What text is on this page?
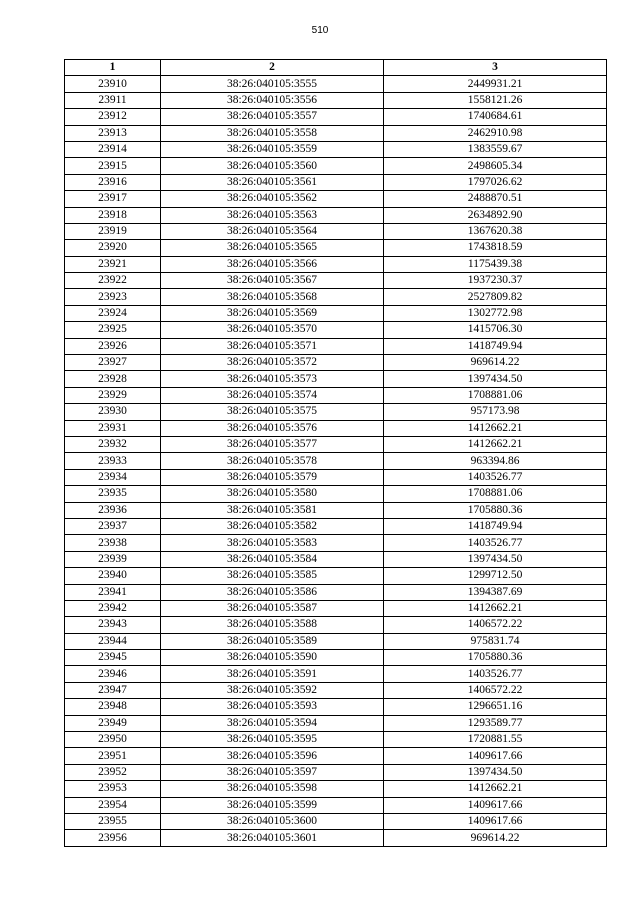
510
1	2	3
23910	38:26:040105:3555	2449931.21
23911	38:26:040105:3556	1558121.26
23912	38:26:040105:3557	1740684.61
23913	38:26:040105:3558	2462910.98
23914	38:26:040105:3559	1383559.67
23915	38:26:040105:3560	2498605.34
23916	38:26:040105:3561	1797026.62
23917	38:26:040105:3562	2488870.51
23918	38:26:040105:3563	2634892.90
23919	38:26:040105:3564	1367620.38
23920	38:26:040105:3565	1743818.59
23921	38:26:040105:3566	1175439.38
23922	38:26:040105:3567	1937230.37
23923	38:26:040105:3568	2527809.82
23924	38:26:040105:3569	1302772.98
23925	38:26:040105:3570	1415706.30
23926	38:26:040105:3571	1418749.94
23927	38:26:040105:3572	969614.22
23928	38:26:040105:3573	1397434.50
23929	38:26:040105:3574	1708881.06
23930	38:26:040105:3575	957173.98
23931	38:26:040105:3576	1412662.21
23932	38:26:040105:3577	1412662.21
23933	38:26:040105:3578	963394.86
23934	38:26:040105:3579	1403526.77
23935	38:26:040105:3580	1708881.06
23936	38:26:040105:3581	1705880.36
23937	38:26:040105:3582	1418749.94
23938	38:26:040105:3583	1403526.77
23939	38:26:040105:3584	1397434.50
23940	38:26:040105:3585	1299712.50
23941	38:26:040105:3586	1394387.69
23942	38:26:040105:3587	1412662.21
23943	38:26:040105:3588	1406572.22
23944	38:26:040105:3589	975831.74
23945	38:26:040105:3590	1705880.36
23946	38:26:040105:3591	1403526.77
23947	38:26:040105:3592	1406572.22
23948	38:26:040105:3593	1296651.16
23949	38:26:040105:3594	1293589.77
23950	38:26:040105:3595	1720881.55
23951	38:26:040105:3596	1409617.66
23952	38:26:040105:3597	1397434.50
23953	38:26:040105:3598	1412662.21
23954	38:26:040105:3599	1409617.66
23955	38:26:040105:3600	1409617.66
23956	38:26:040105:3601	969614.22
